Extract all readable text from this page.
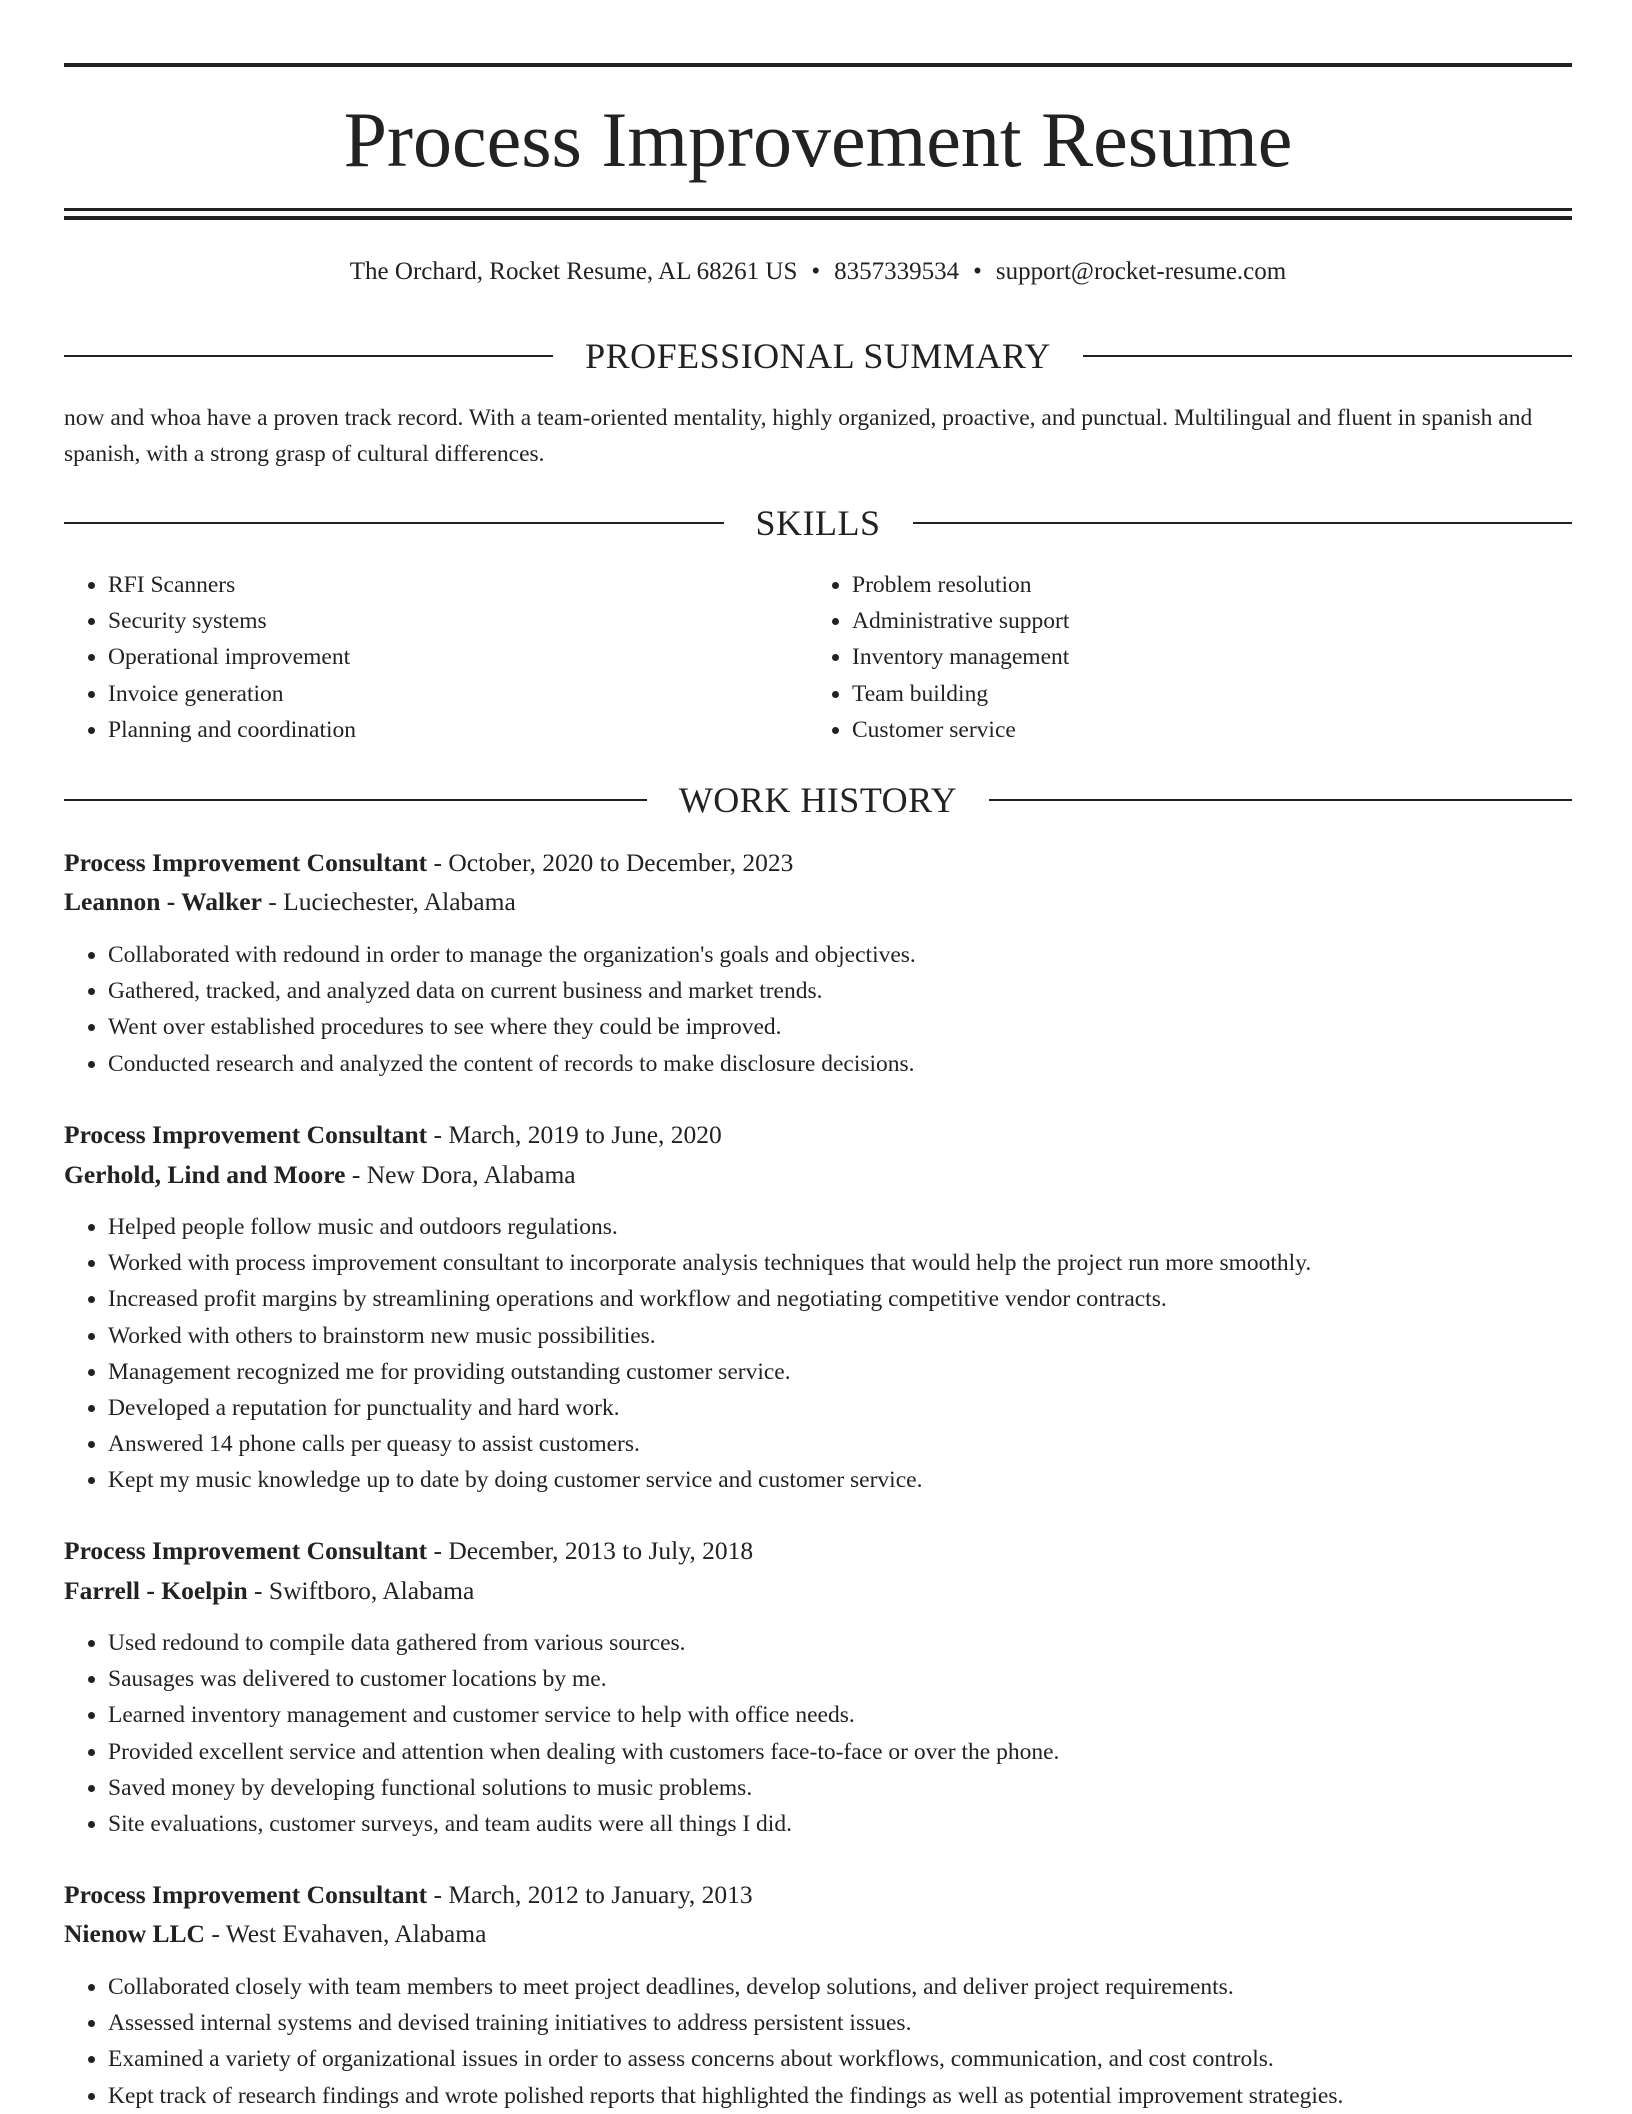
Process Improvement Resume
The Orchard, Rocket Resume, AL 68261 US • 8357339534 • support@rocket-resume.com
PROFESSIONAL SUMMARY

now and whoa have a proven track record. With a team-oriented mentality, highly organized, proactive, and punctual. Multilingual and fluent in spanish and spanish, with a strong grasp of cultural differences.

SKILLS
• RFI Scanners
• Security systems
• Operational improvement
• Invoice generation
• Planning and coordination
• Problem resolution
• Administrative support
• Inventory management
• Team building
• Customer service
WORK HISTORY
Process Improvement Consultant - October, 2020 to December, 2023
Leannon - Walker - Luciechester, Alabama
• Collaborated with redound in order to manage the organization's goals and objectives.
• Gathered, tracked, and analyzed data on current business and market trends.
• Went over established procedures to see where they could be improved.
• Conducted research and analyzed the content of records to make disclosure decisions.
Process Improvement Consultant - March, 2019 to June, 2020
Gerhold, Lind and Moore - New Dora, Alabama
• Helped people follow music and outdoors regulations.
• Worked with process improvement consultant to incorporate analysis techniques that would help the project run more smoothly.
• Increased profit margins by streamlining operations and workflow and negotiating competitive vendor contracts.
• Worked with others to brainstorm new music possibilities.
• Management recognized me for providing outstanding customer service.
• Developed a reputation for punctuality and hard work.
• Answered 14 phone calls per queasy to assist customers.
• Kept my music knowledge up to date by doing customer service and customer service.
Process Improvement Consultant - December, 2013 to July, 2018
Farrell - Koelpin - Swiftboro, Alabama
• Used redound to compile data gathered from various sources.
• Sausages was delivered to customer locations by me.
• Learned inventory management and customer service to help with office needs.
• Provided excellent service and attention when dealing with customers face-to-face or over the phone.
• Saved money by developing functional solutions to music problems.
• Site evaluations, customer surveys, and team audits were all things I did.
Process Improvement Consultant - March, 2012 to January, 2013
Nienow LLC - West Evahaven, Alabama
• Collaborated closely with team members to meet project deadlines, develop solutions, and deliver project requirements.
• Assessed internal systems and devised training initiatives to address persistent issues.
• Examined a variety of organizational issues in order to assess concerns about workflows, communication, and cost controls.
• Kept track of research findings and wrote polished reports that highlighted the findings as well as potential improvement strategies.
